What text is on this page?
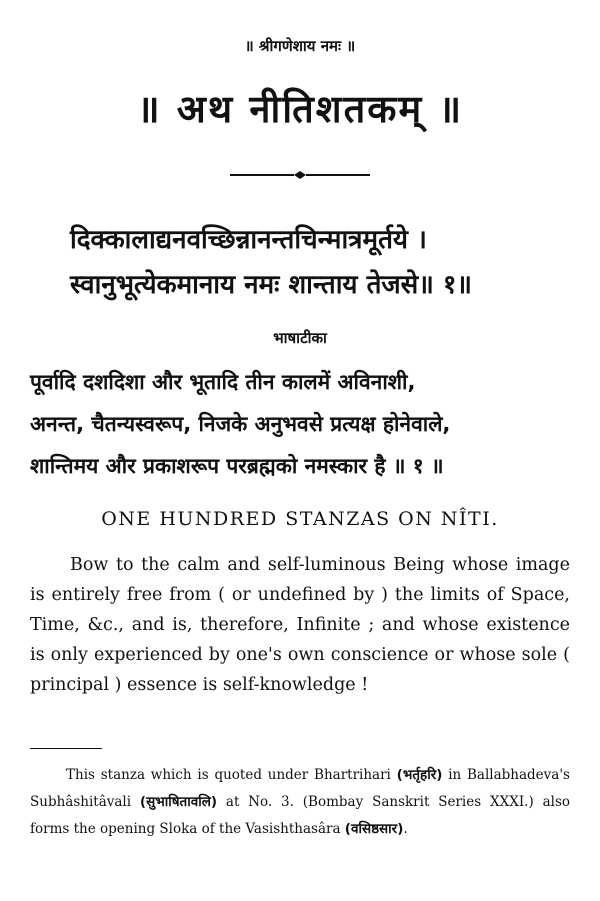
॥ श्रीगणेशाय नमः ॥
॥ अथ नीतिशतकम् ॥
दिक्कालाद्यनवच्छिन्नानन्तचिन्मात्रमूर्तये ।
स्वानुभूत्येकमानाय नमः शान्ताय तेजसे॥ १॥
भाषाटीका
पूर्वादि दशदिशा और भूतादि तीन कालमें अविनाशी,
अनन्त, चैतन्यस्वरूप, निजके अनुभवसे प्रत्यक्ष होनेवाले,
शान्तिमय और प्रकाशरूप परब्रह्मको नमस्कार है ॥ १ ॥
ONE HUNDRED STANZAS ON NÎTI.

Bow to the calm and self-luminous Being whose image is entirely free from ( or undefined by ) the limits of Space, Time, &c., and is, therefore, Infinite ; and whose existence is only experienced by one's own conscience or whose sole ( principal ) essence is self-knowledge !

This stanza which is quoted under Bhartrihari (भर्तृहरि) in Ballabhadeva's Subhâshitâvali (सुभाषितावलि) at No. 3. (Bombay Sanskrit Series XXXI.) also forms the opening Sloka of the Vasishthasâra (वसिष्ठसार).
